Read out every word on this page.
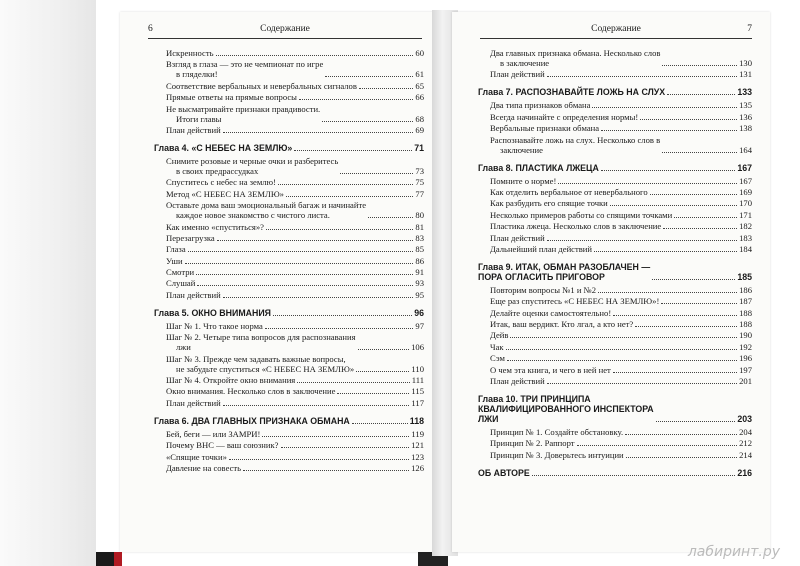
6	Содержание
Искренность	60
Взгляд в глаза — это не чемпионат по игре
в гляделки!	61
Соответствие вербальных и невербальных сигналов	65
Прямые ответы на прямые вопросы	66
Не высматривайте признаки правдивости.
Итоги главы	68
План действий	69
Глава 4. «С НЕБЕС НА ЗЕМЛЮ»	71
Снимите розовые и черные очки и разберитесь
в своих предрассудках	73
Спуститесь с небес на землю!	75
Метод «С НЕБЕС НА ЗЕМЛЮ»	77
Оставьте дома ваш эмоциональный багаж и начинайте
каждое новое знакомство с чистого листа.	80
Как именно «спуститься»?	81
Перезагрузка	83
Глаза	85
Уши	86
Смотри	91
Слушай	93
План действий	95
Глава 5. ОКНО ВНИМАНИЯ	96
Шаг № 1. Что такое норма	97
Шаг № 2. Четыре типа вопросов для распознавания
лжи	106
Шаг № 3. Прежде чем задавать важные вопросы,
не забудьте спуститься «С НЕБЕС НА ЗЕМЛЮ»	110
Шаг № 4. Откройте окно внимания	111
Окно внимания. Несколько слов в заключение	115
План действий	117
Глава 6. ДВА ГЛАВНЫХ ПРИЗНАКА ОБМАНА	118
Бей, беги — или ЗАМРИ!	119
Почему ВНС — ваш союзник?	121
«Спящие точки»	123
Давление на совесть	126
Содержание	7
Два главных признака обмана. Несколько слов
в заключение	130
План действий	131
Глава 7. РАСПОЗНАВАЙТЕ ЛОЖЬ НА СЛУХ	133
Два типа признаков обмана	135
Всегда начинайте с определения нормы!	136
Вербальные признаки обмана	138
Распознавайте ложь на слух. Несколько слов в
заключение	164
Глава 8. ПЛАСТИКА ЛЖЕЦА	167
Помните о норме!	167
Как отделить вербальное от невербального	169
Как разбудить его спящие точки	170
Несколько примеров работы со спящими точками	171
Пластика лжеца. Несколько слов в заключение	182
План действий	183
Дальнейший план действий	184
Глава 9. ИТАК, ОБМАН РАЗОБЛАЧЕН —
ПОРА ОГЛАСИТЬ ПРИГОВОР	185
Повторим вопросы №1 и №2	186
Еще раз спуститесь «С НЕБЕС НА ЗЕМЛЮ»!	187
Делайте оценки самостоятельно!	188
Итак, ваш вердикт. Кто лгал, а кто нет?	188
Дейв	190
Чак	192
Сэм	196
О чем эта книга, и чего в ней нет	197
План действий	201
Глава 10. ТРИ ПРИНЦИПА
КВАЛИФИЦИРОВАННОГО ИНСПЕКТОРА
ЛЖИ	203
Принцип № 1. Создайте обстановку.	204
Принцип № 2. Раппорт	212
Принцип № 3. Доверьтесь интуиции	214
ОБ АВТОРЕ	216
лабиринт.ру
